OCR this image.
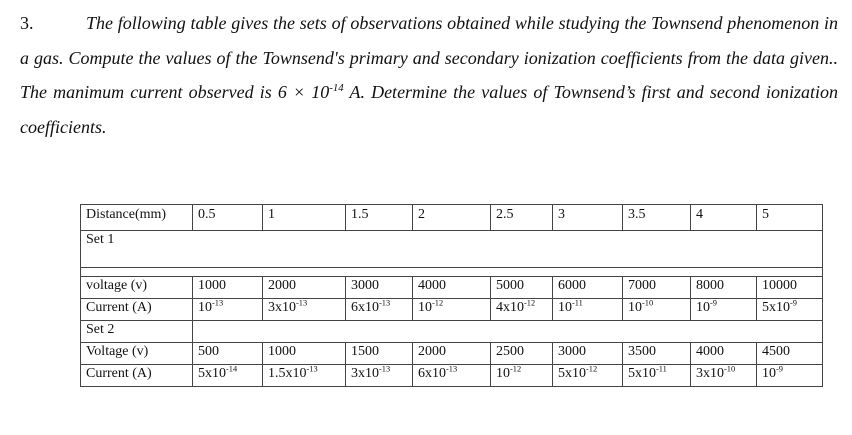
3.	The following table gives the sets of observations obtained while studying the Townsend phenomenon in a gas. Compute the values of the Townsend's primary and secondary ionization coefficients from the data given.. The manimum current observed is $6 \times 10^{-14}$ A. Determine the values of Townsend’s first and second ionization coefficients.
Distance(mm)	0.5	1	1.5	2	2.5	3	3.5	4	5
Set 1									

voltage (v)	1000	2000	3000	4000	5000	6000	7000	8000	10000
Current (A)	$10^{-13}$	$3x10^{-13}$	$6x10^{-13}$	$10^{-12}$	$4x10^{-12}$	$10^{-11}$	$10^{-10}$	$10^{-9}$	$5x10^{-9}$
Set 2									
Voltage (v)	500	1000	1500	2000	2500	3000	3500	4000	4500
Current (A)	$5x10^{-14}$	$1.5x10^{-13}$	$3x10^{-13}$	$6x10^{-13}$	$10^{-12}$	$5x10^{-12}$	$5x10^{-11}$	$3x10^{-10}$	$10^{-9}$
